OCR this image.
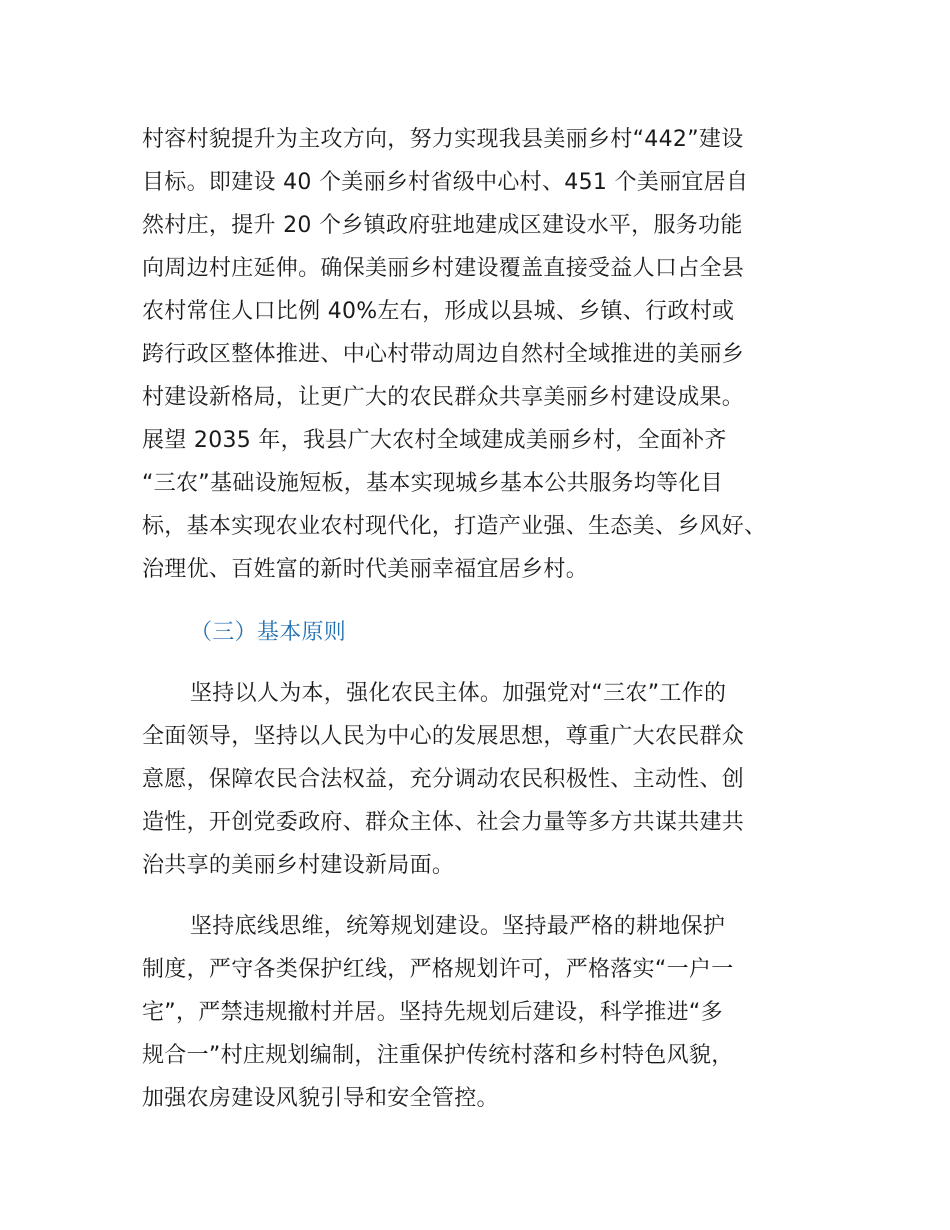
村容村貌提升为主攻方向，努力实现我县美丽乡村“442”建设
目标。即建设 40 个美丽乡村省级中心村、451 个美丽宜居自
然村庄，提升 20 个乡镇政府驻地建成区建设水平，服务功能
向周边村庄延伸。确保美丽乡村建设覆盖直接受益人口占全县
农村常住人口比例 40%左右，形成以县城、乡镇、行政村或
跨行政区整体推进、中心村带动周边自然村全域推进的美丽乡
村建设新格局，让更广大的农民群众共享美丽乡村建设成果。
展望 2035 年，我县广大农村全域建成美丽乡村，全面补齐
“三农”基础设施短板，基本实现城乡基本公共服务均等化目
标，基本实现农业农村现代化，打造产业强、生态美、乡风好、
治理优、百姓富的新时代美丽幸福宜居乡村。
（三）基本原则
坚持以人为本，强化农民主体。加强党对“三农”工作的
全面领导，坚持以人民为中心的发展思想，尊重广大农民群众
意愿，保障农民合法权益，充分调动农民积极性、主动性、创
造性，开创党委政府、群众主体、社会力量等多方共谋共建共
治共享的美丽乡村建设新局面。
坚持底线思维，统筹规划建设。坚持最严格的耕地保护
制度，严守各类保护红线，严格规划许可，严格落实“一户一
宅”，严禁违规撤村并居。坚持先规划后建设，科学推进“多
规合一”村庄规划编制，注重保护传统村落和乡村特色风貌，
加强农房建设风貌引导和安全管控。
